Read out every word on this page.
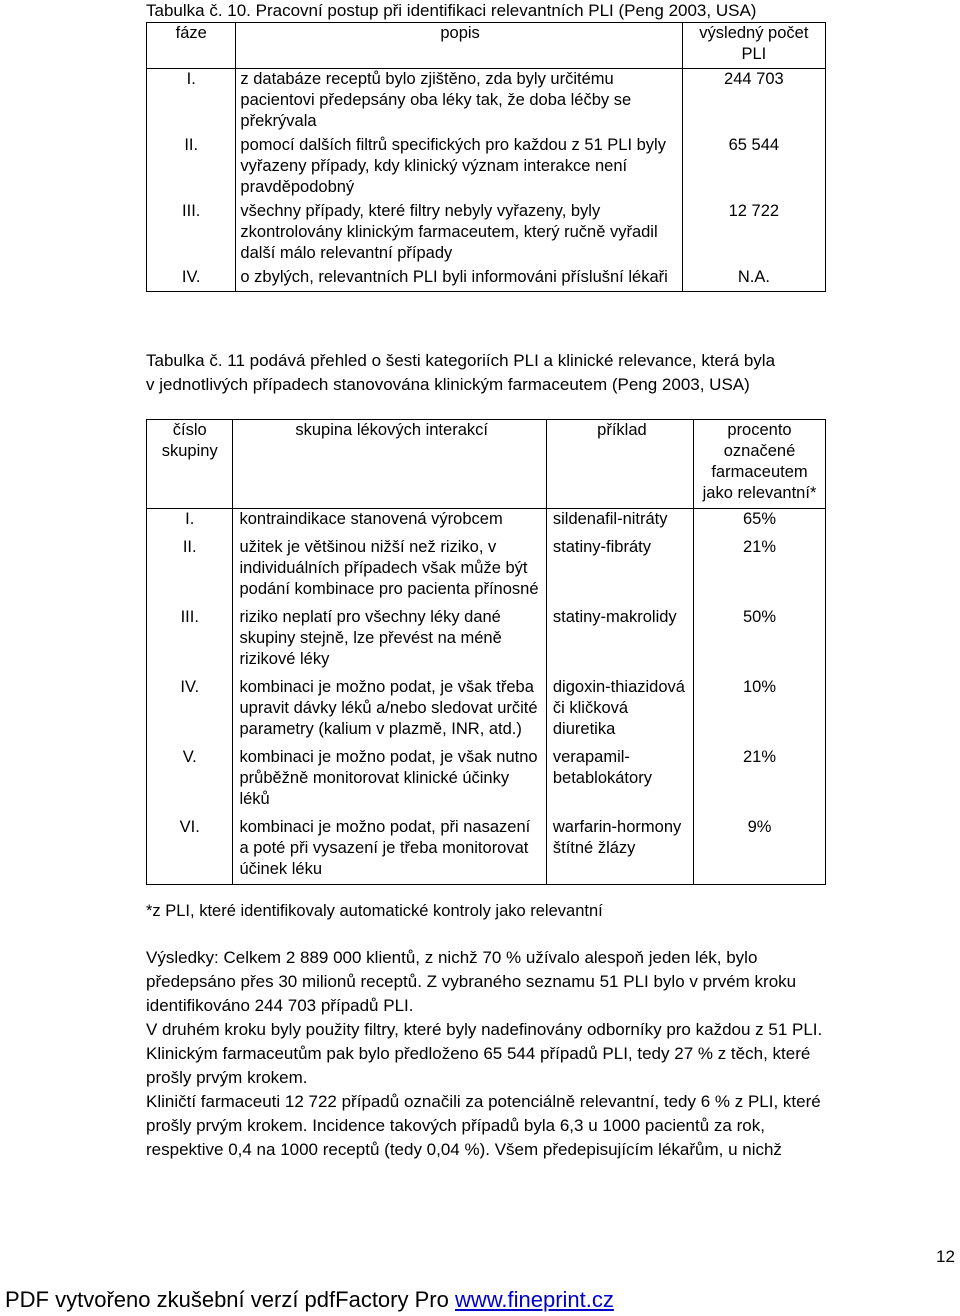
Tabulka č. 10. Pracovní postup při identifikaci relevantních PLI (Peng 2003, USA)
fáze	popis	výsledný počet PLI
I.	z databáze receptů bylo zjištěno, zda byly určitému pacientovi předepsány oba léky tak, že doba léčby se překrývala	244 703
II.	pomocí dalších filtrů specifických pro každou z 51 PLI byly vyřazeny případy, kdy klinický význam interakce není pravděpodobný	65 544
III.	všechny případy, které filtry nebyly vyřazeny, byly zkontrolovány klinickým farmaceutem, který ručně vyřadil další málo relevantní případy	12 722
IV.	o zbylých, relevantních PLI byli informováni příslušní lékaři	N.A.
Tabulka č. 11 podává přehled o šesti kategoriích PLI a klinické relevance, která byla
v jednotlivých případech stanovována klinickým farmaceutem (Peng 2003, USA)
číslo skupiny	skupina lékových interakcí	příklad	procento označené farmaceutem jako relevantní*
I.	kontraindikace stanovená výrobcem	sildenafil-nitráty	65%
II.	užitek je většinou nižší než riziko, v individuálních případech však může být podání kombinace pro pacienta přínosné	statiny-fibráty	21%
III.	riziko neplatí pro všechny léky dané skupiny stejně, lze převést na méně rizikové léky	statiny-makrolidy	50%
IV.	kombinaci je možno podat, je však třeba upravit dávky léků a/nebo sledovat určité parametry (kalium v plazmě, INR, atd.)	digoxin-thiazidová či kličková diuretika	10%
V.	kombinaci je možno podat, je však nutno průběžně monitorovat klinické účinky léků	verapamil-betablokátory	21%
VI.	kombinaci je možno podat, při nasazení a poté při vysazení je třeba monitorovat účinek léku	warfarin-hormony štítné žlázy	9%
*z PLI, které identifikovaly automatické kontroly jako relevantní
Výsledky: Celkem 2 889 000 klientů, z nichž 70 % užívalo alespoň jeden lék, bylo
předepsáno přes 30 milionů receptů. Z vybraného seznamu 51 PLI bylo v prvém kroku
identifikováno 244 703 případů PLI.
V druhém kroku byly použity filtry, které byly nadefinovány odborníky pro každou z 51 PLI.
Klinickým farmaceutům pak bylo předloženo 65 544 případů PLI, tedy 27 % z těch, které
prošly prvým krokem.
Kliničtí farmaceuti 12 722 případů označili za potenciálně relevantní, tedy 6 % z PLI, které
prošly prvým krokem. Incidence takových případů byla 6,3 u 1000 pacientů za rok,
respektive 0,4 na 1000 receptů (tedy 0,04 %). Všem předepisujícím lékařům, u nichž
12
PDF vytvořeno zkušební verzí pdfFactory Pro www.fineprint.cz
